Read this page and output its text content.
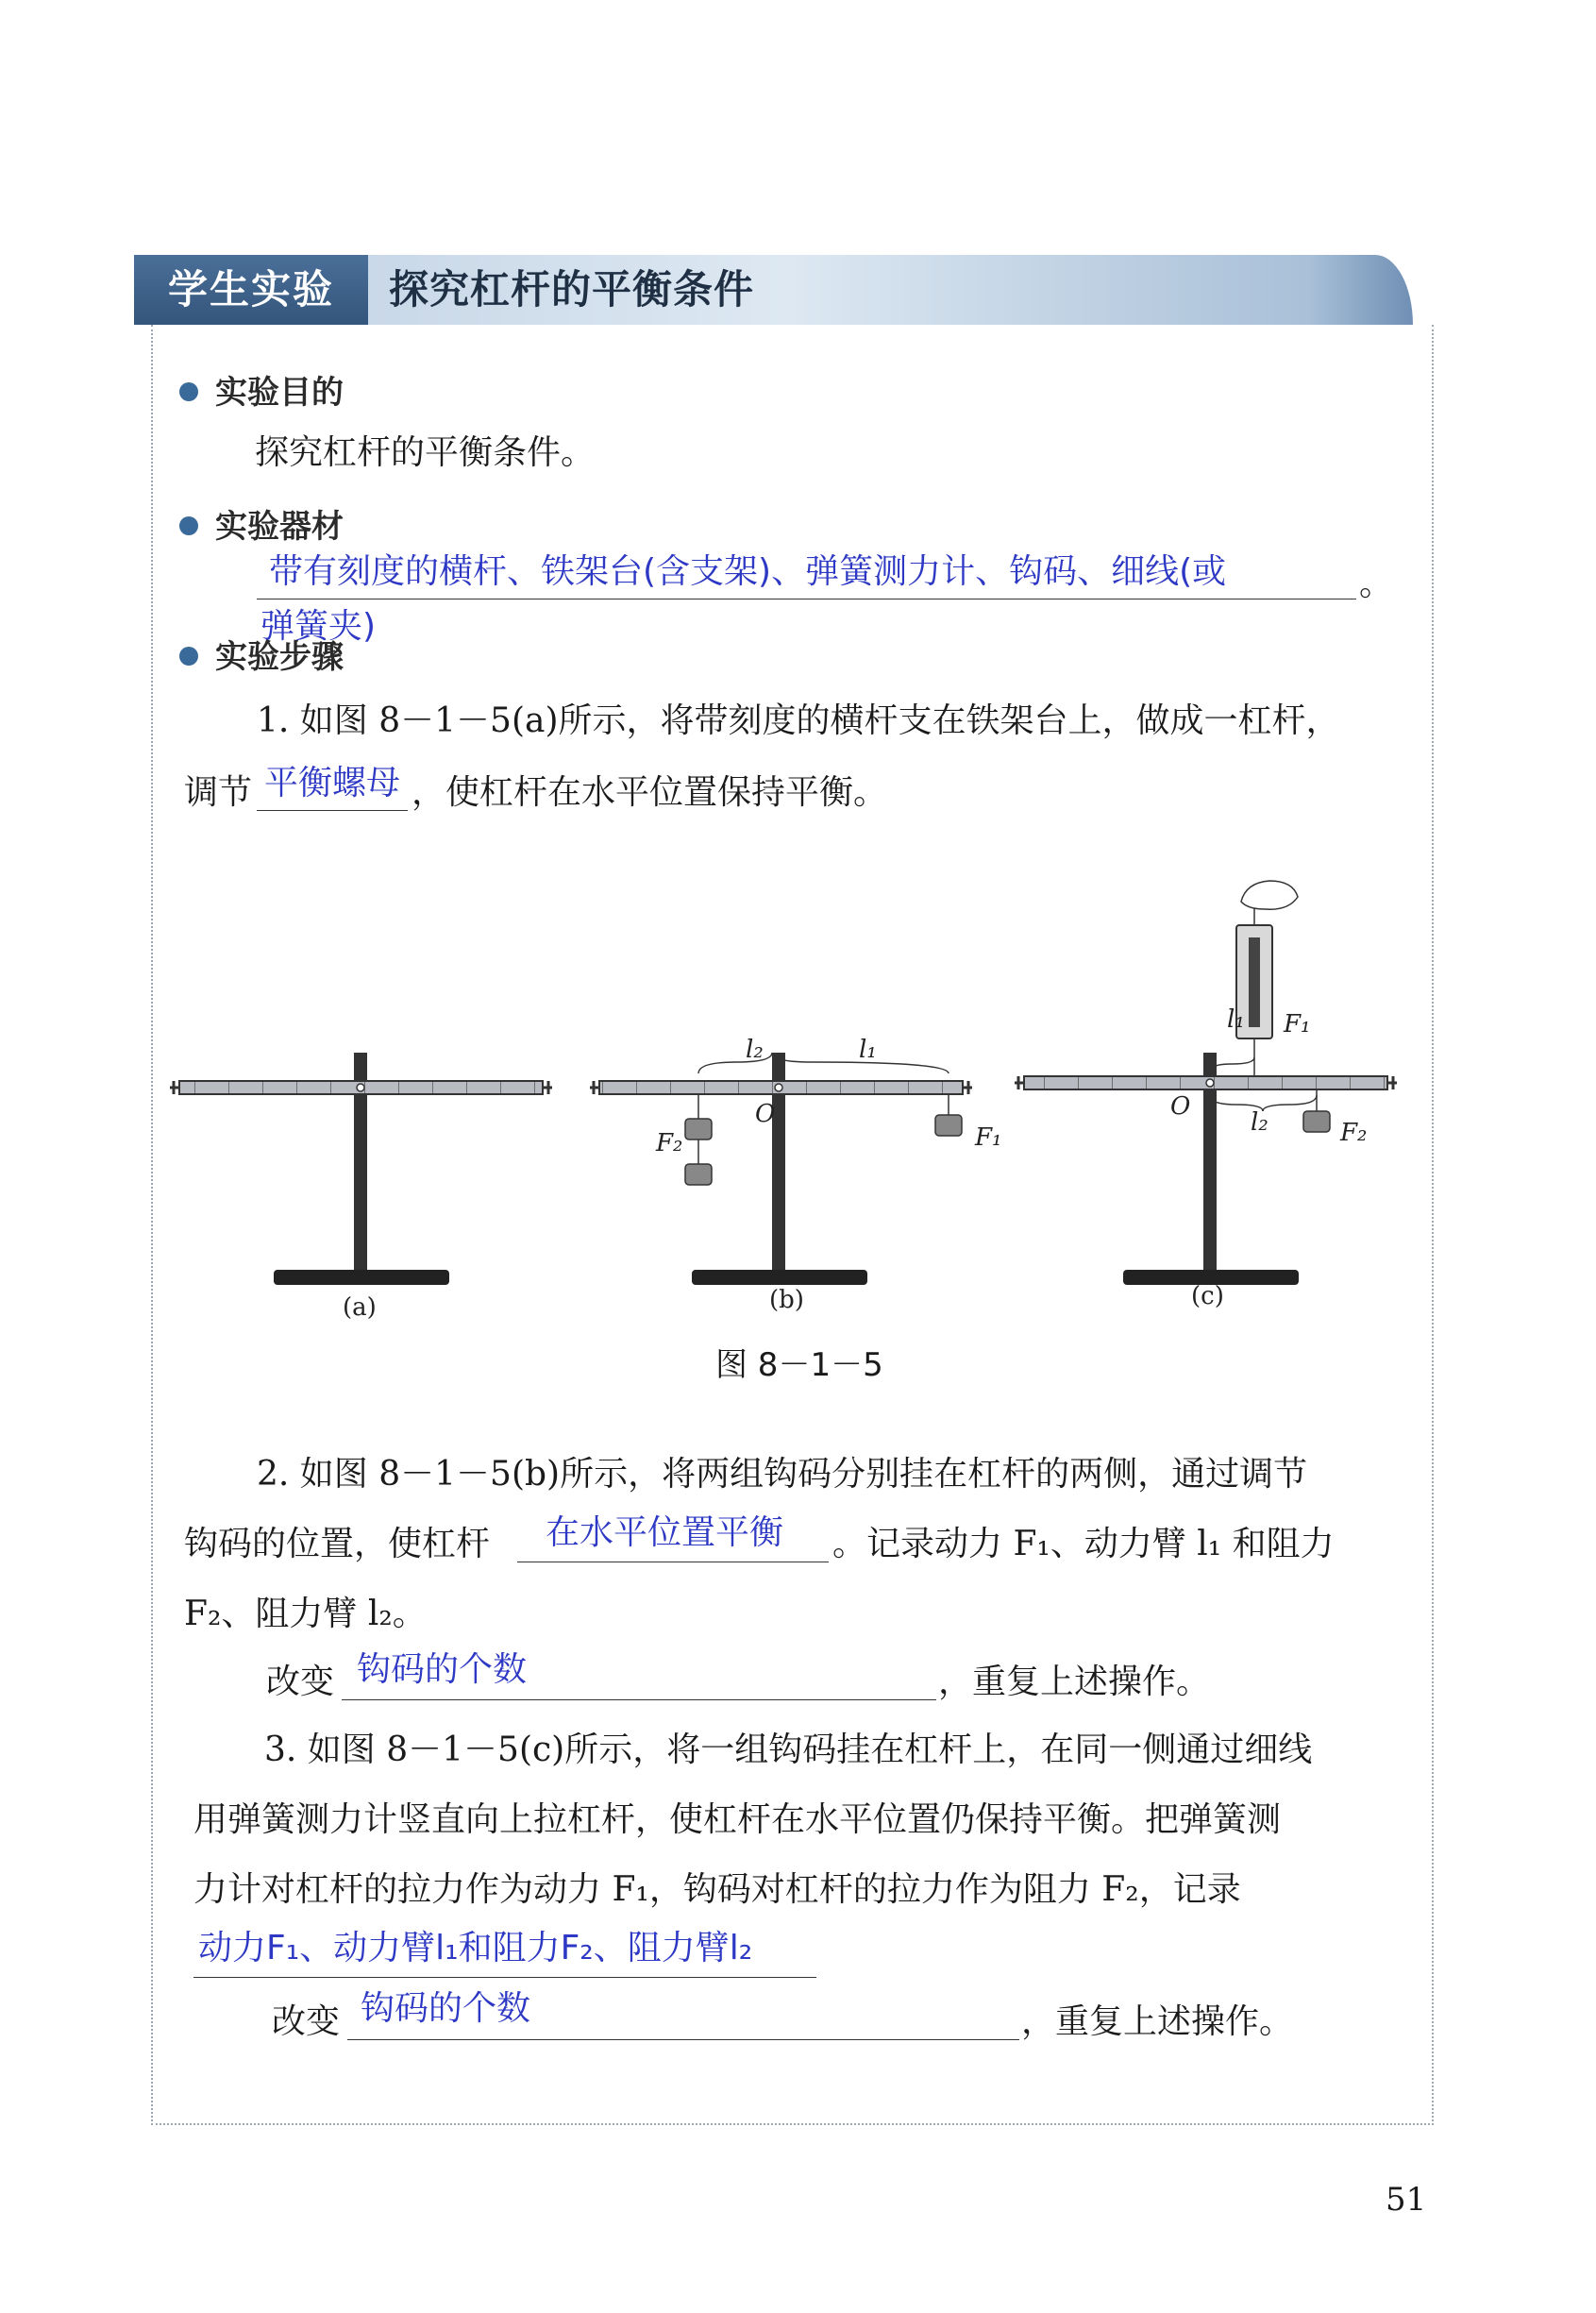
学生实验	探究杠杆的平衡条件
实验目的
探究杠杆的平衡条件。
实验器材
带有刻度的横杆、铁架台(含支架)、弹簧测力计、钩码、细线(或	。
弹簧夹)
实验步骤
1. 如图 8－1－5(a)所示，将带刻度的横杆支在铁架台上，做成一杠杆，
调节 平衡螺母 ，使杠杆在水平位置保持平衡。
l₂	l₁
O
F₂	F₁
l₁ F₁
O
l₂	F₂
(a)	(b)	(c)
图 8－1－5
2. 如图 8－1－5(b)所示，将两组钩码分别挂在杠杆的两侧，通过调节
钩码的位置，使杠杆 在水平位置平衡 。记录动力 F₁、动力臂 l₁ 和阻力
F₂、阻力臂 l₂。
改变 钩码的个数	，重复上述操作。
3. 如图 8－1－5(c)所示，将一组钩码挂在杠杆上，在同一侧通过细线
用弹簧测力计竖直向上拉杠杆，使杠杆在水平位置仍保持平衡。把弹簧测
力计对杠杆的拉力作为动力 F₁，钩码对杠杆的拉力作为阻力 F₂，记录
动力F₁、动力臂l₁和阻力F₂、阻力臂l₂
改变 钩码的个数	，重复上述操作。
51
